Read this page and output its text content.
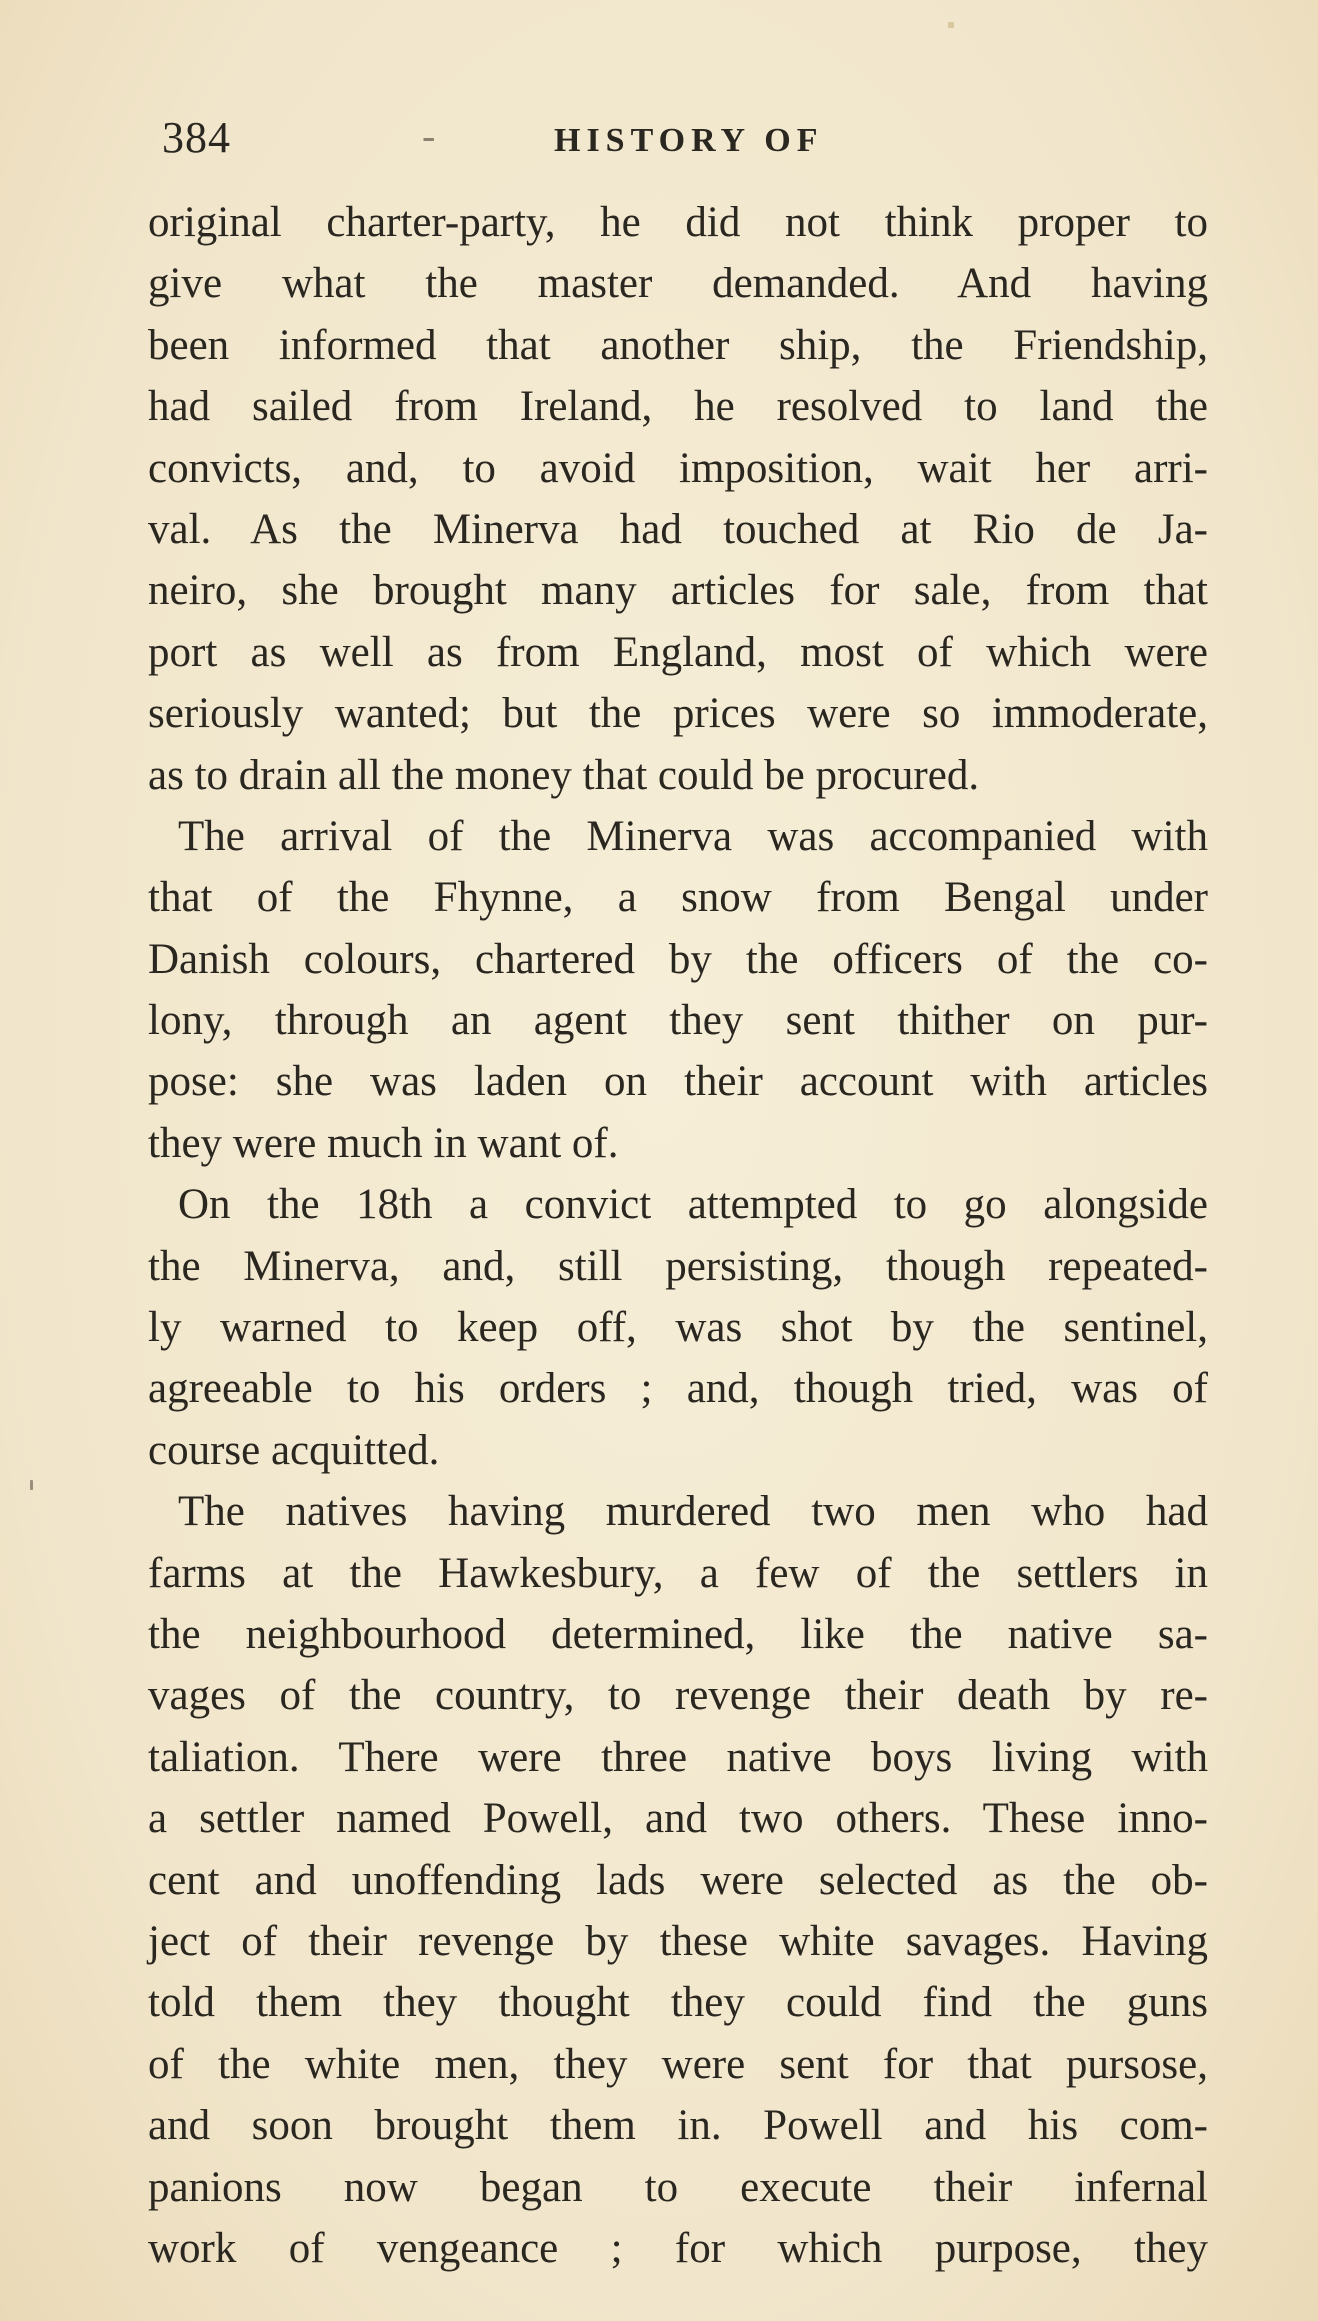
384	-	HISTORY OF
original charter-party, he did not think proper to
give what the master demanded. And having
been informed that another ship, the Friendship,
had sailed from Ireland, he resolved to land the
convicts, and, to avoid imposition, wait her arri-
val. As the Minerva had touched at Rio de Ja-
neiro, she brought many articles for sale, from that
port as well as from England, most of which were
seriously wanted; but the prices were so immoderate,
as to drain all the money that could be procured.
The arrival of the Minerva was accompanied with
that of the Fhynne, a snow from Bengal under
Danish colours, chartered by the officers of the co-
lony, through an agent they sent thither on pur-
pose: she was laden on their account with articles
they were much in want of.
On the 18th a convict attempted to go alongside
the Minerva, and, still persisting, though repeated-
ly warned to keep off, was shot by the sentinel,
agreeable to his orders ; and, though tried, was of
course acquitted.
The natives having murdered two men who had
farms at the Hawkesbury, a few of the settlers in
the neighbourhood determined, like the native sa-
vages of the country, to revenge their death by re-
taliation. There were three native boys living with
a settler named Powell, and two others. These inno-
cent and unoffending lads were selected as the ob-
ject of their revenge by these white savages. Having
told them they thought they could find the guns
of the white men, they were sent for that pursose,
and soon brought them in. Powell and his com-
panions now began to execute their infernal
work of vengeance ; for which purpose, they
